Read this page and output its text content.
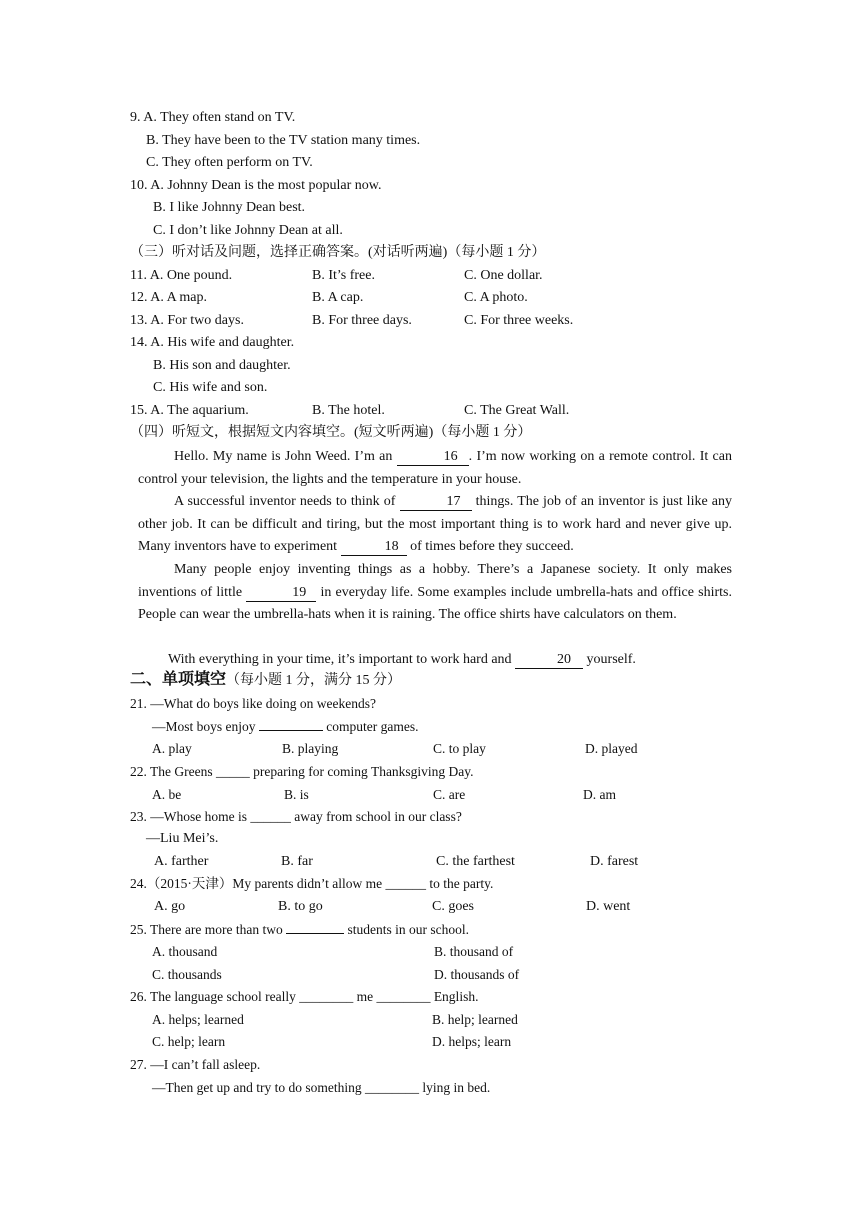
9. A. They often stand on TV.
B. They have been to the TV station many times.
C. They often perform on TV.
10. A. Johnny Dean is the most popular now.
B. I like Johnny Dean best.
C. I don’t like Johnny Dean at all.
（三）听对话及问题，选择正确答案。(对话听两遍)（每小题 1 分）
11. A. One pound.	B. It’s free.	C. One dollar.
12. A. A map.	B. A cap.	C. A photo.
13. A. For two days.	B. For three days.	C. For three weeks.
14. A. His wife and daughter.
B. His son and daughter.
C. His wife and son.
15. A. The aquarium.	B. The hotel.	C. The Great Wall.
（四）听短文，根据短文内容填空。(短文听两遍)（每小题 1 分）
Hello. My name is John Weed. I’m an	16 . I’m now working on a remote control. It can control your television, the lights and the temperature in your house.
A successful inventor needs to think of	17 things. The job of an inventor is just like any other job. It can be difficult and tiring, but the most important thing is to work hard and never give up. Many inventors have to experiment	18 of times before they succeed.
Many people enjoy inventing things as a hobby. There’s a Japanese society. It only makes inventions of little	19 in everyday life. Some examples include umbrella-hats and office shirts. People can wear the umbrella-hats when it is raining. The office shirts have calculators on them.
With everything in your time, it’s important to work hard and	20 yourself.
二、单项填空（每小题 1 分，满分 15 分）
21. —What do boys like doing on weekends?
—Most boys enjoy	computer games.
A. play	B. playing	C. to play	D. played
22. The Greens _____ preparing for coming Thanksgiving Day.
A. be	B. is	C. are	D. am
23. —Whose home is ______ away from school in our class?
—Liu Mei’s.
A. farther	B. far	C. the farthest	D. farest
24.（2015·天津）My parents didn’t allow me ______ to the party.
A. go	B. to go	C. goes	D. went
25. There are more than two	students in our school.
A. thousand	B. thousand of
C. thousands	D. thousands of
26. The language school really ________ me ________ English.
A. helps; learned	B. help; learned
C. help; learn	D. helps; learn
27. —I can’t fall asleep.
—Then get up and try to do something ________ lying in bed.
